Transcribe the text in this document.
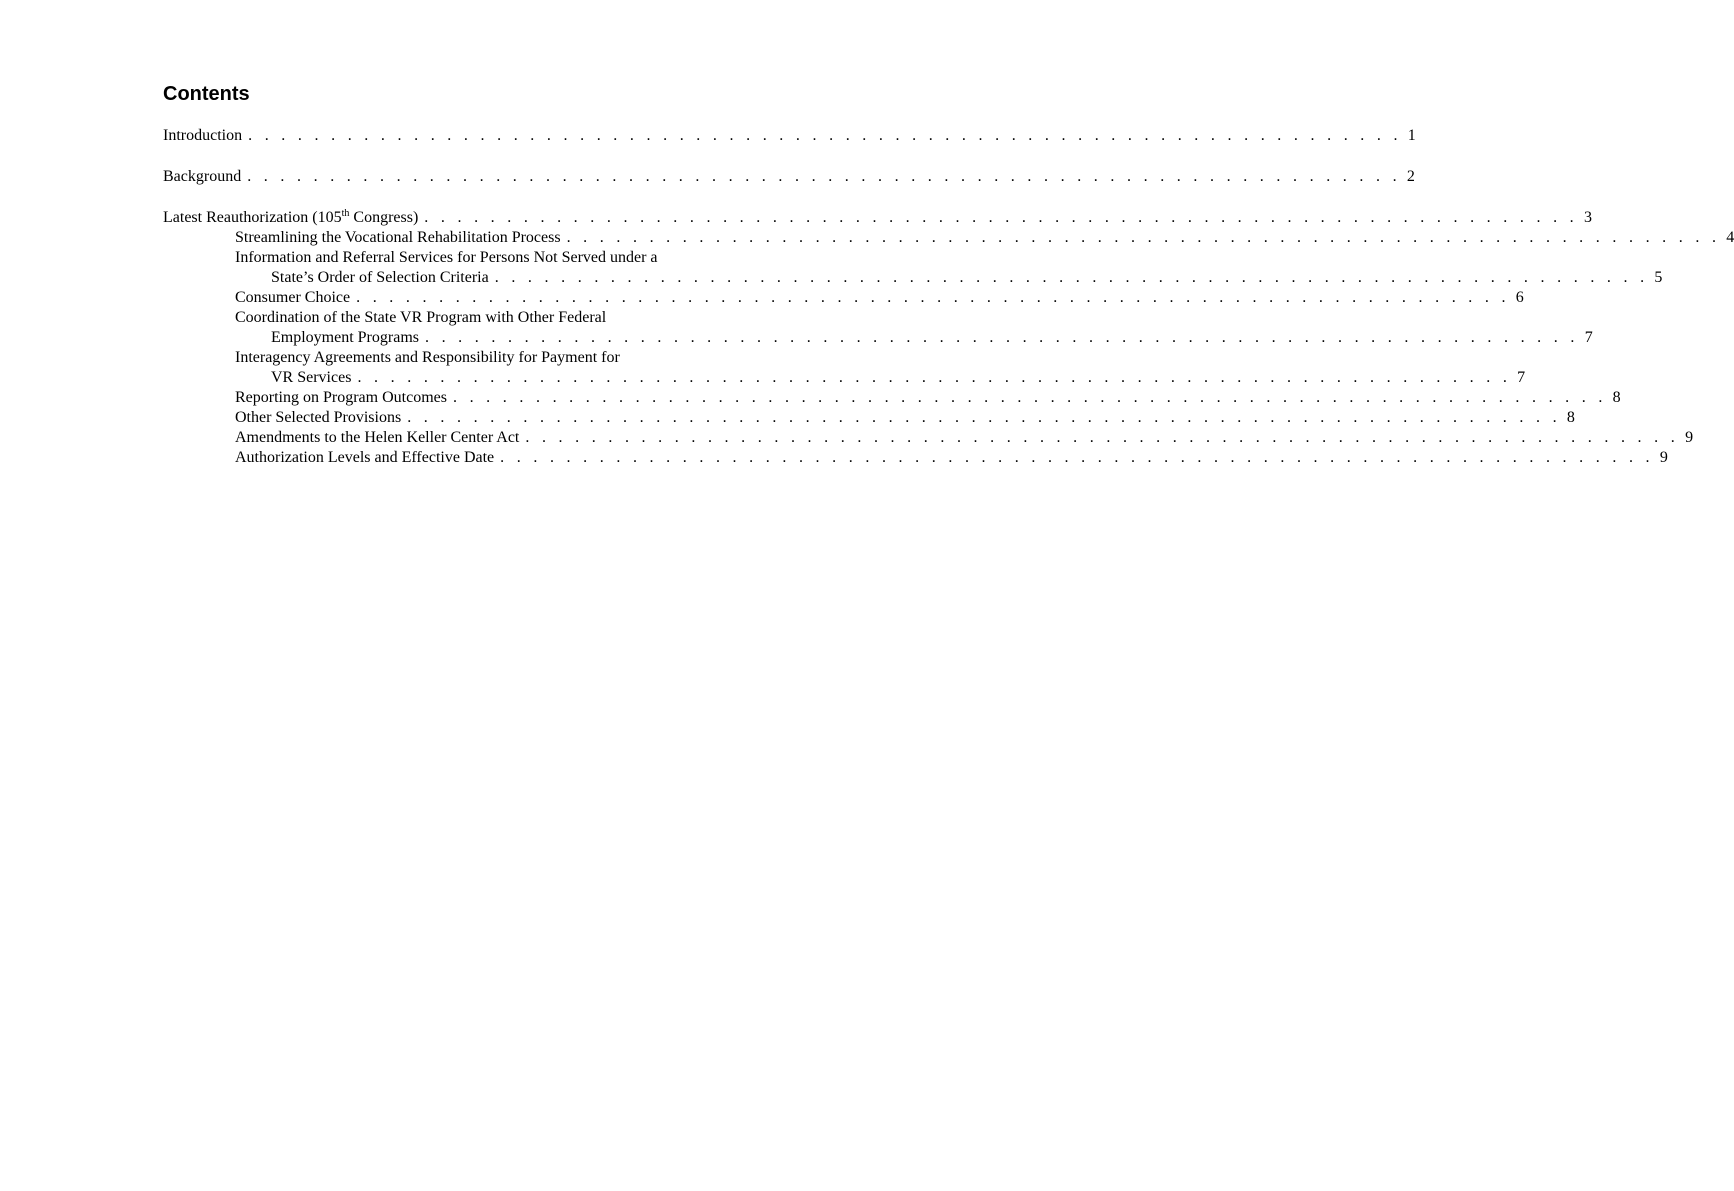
Contents
Introduction . . . . . . . . . . . . . . . . . . . . . . . . . . . . . . . . . . . . . . . . . . . . . . . . . . . . . . . . . . . . . . . . . . . . . . 1
Background . . . . . . . . . . . . . . . . . . . . . . . . . . . . . . . . . . . . . . . . . . . . . . . . . . . . . . . . . . . . . . . . . . . . . . 2
Latest Reauthorization (105th Congress) . . . . . . . . . . . . . . . . . . . . . . . . . . . . . . . . . . . . . . . . . . . . . . . . . . . . . . . . . . . . . . . . . . . . . . 3
Streamlining the Vocational Rehabilitation Process . . . . . . . . . . . . . . . . . . . . . . . . . . . . . . . . . . . . . . . . . . . . . . . . . . . . . . . . . . . . . . . . . . . . . . 4
Information and Referral Services for Persons Not Served under a
State’s Order of Selection Criteria . . . . . . . . . . . . . . . . . . . . . . . . . . . . . . . . . . . . . . . . . . . . . . . . . . . . . . . . . . . . . . . . . . . . . . 5
Consumer Choice . . . . . . . . . . . . . . . . . . . . . . . . . . . . . . . . . . . . . . . . . . . . . . . . . . . . . . . . . . . . . . . . . . . . . . 6
Coordination of the State VR Program with Other Federal
Employment Programs . . . . . . . . . . . . . . . . . . . . . . . . . . . . . . . . . . . . . . . . . . . . . . . . . . . . . . . . . . . . . . . . . . . . . . 7
Interagency Agreements and Responsibility for Payment for
VR Services . . . . . . . . . . . . . . . . . . . . . . . . . . . . . . . . . . . . . . . . . . . . . . . . . . . . . . . . . . . . . . . . . . . . . . 7
Reporting on Program Outcomes . . . . . . . . . . . . . . . . . . . . . . . . . . . . . . . . . . . . . . . . . . . . . . . . . . . . . . . . . . . . . . . . . . . . . . 8
Other Selected Provisions . . . . . . . . . . . . . . . . . . . . . . . . . . . . . . . . . . . . . . . . . . . . . . . . . . . . . . . . . . . . . . . . . . . . . . 8
Amendments to the Helen Keller Center Act . . . . . . . . . . . . . . . . . . . . . . . . . . . . . . . . . . . . . . . . . . . . . . . . . . . . . . . . . . . . . . . . . . . . . . 9
Authorization Levels and Effective Date . . . . . . . . . . . . . . . . . . . . . . . . . . . . . . . . . . . . . . . . . . . . . . . . . . . . . . . . . . . . . . . . . . . . . . 9
